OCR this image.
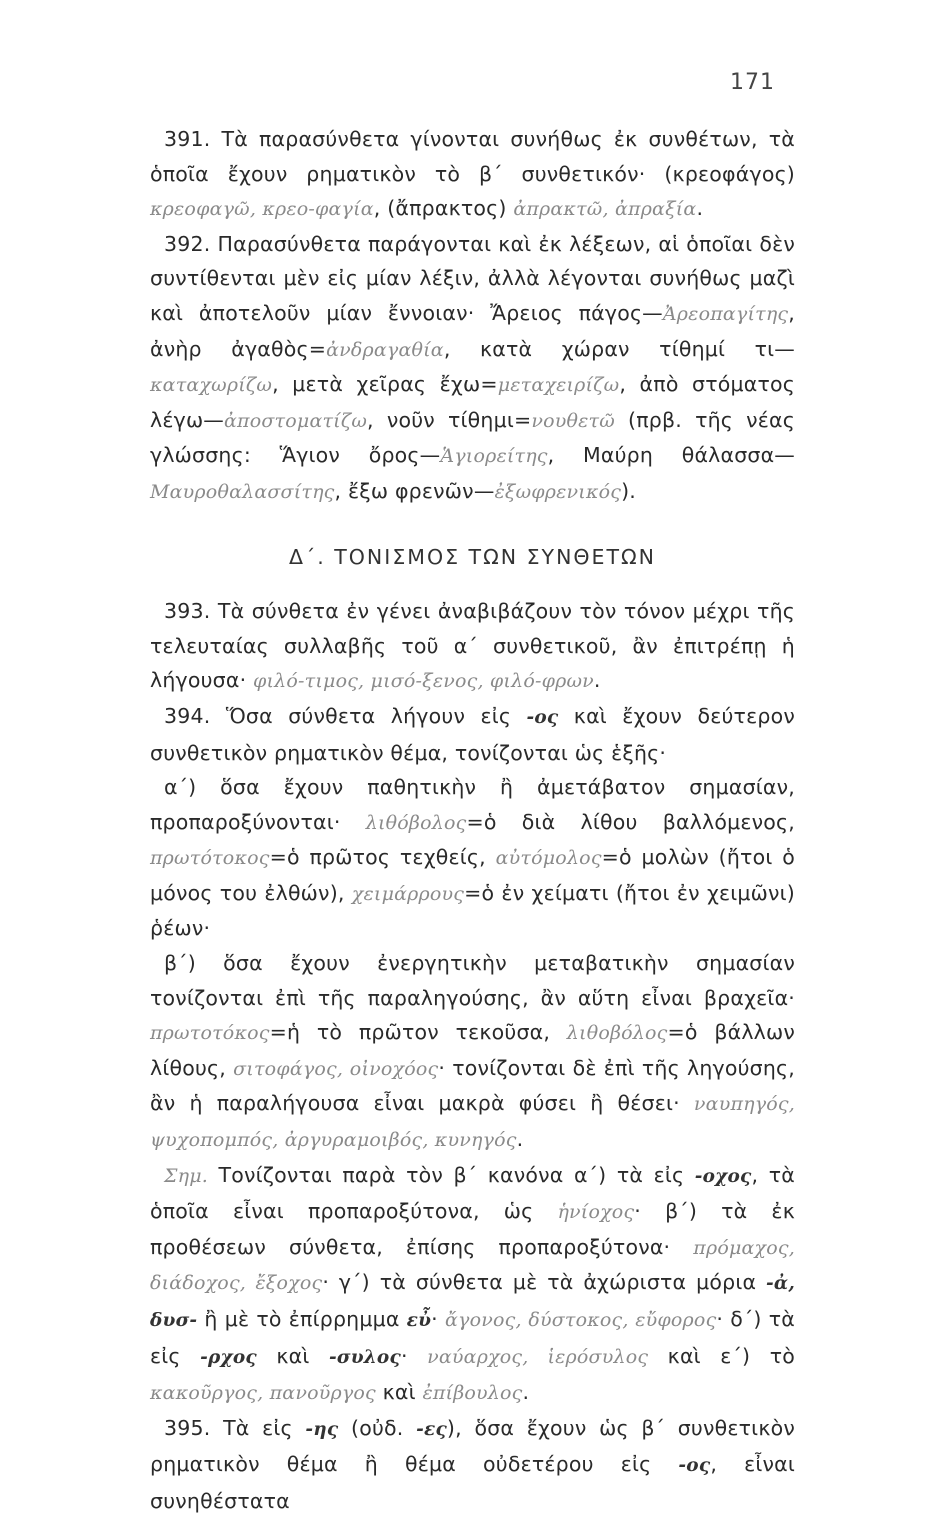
171

391. Τὰ παρασύνθετα γίνονται συνήθως ἐκ συνθέτων, τὰ ὁποῖα ἔχουν ρηματικὸν τὸ β΄ συνθετικόν· (κρεοφάγος) κρεοφαγῶ, κρεο-φαγία, (ἄπρακτος) ἀπρακτῶ, ἀπραξία.

392. Παρασύνθετα παράγονται καὶ ἐκ λέξεων, αἱ ὁποῖαι δὲν συντίθενται μὲν εἰς μίαν λέξιν, ἀλλὰ λέγονται συνήθως μαζὶ καὶ ἀποτελοῦν μίαν ἔννοιαν· Ἄρειος πάγος—Ἀρεοπαγίτης, ἀνὴρ ἀγαθὸς=ἀνδραγαθία, κατὰ χώραν τίθημί τι—καταχωρίζω, μετὰ χεῖρας ἔχω=μεταχειρίζω, ἀπὸ στόματος λέγω—ἀποστοματίζω, νοῦν τίθημι=νουθετῶ (πρβ. τῆς νέας γλώσσης: Ἅγιον ὄρος—Ἁγιορείτης, Μαύρη θάλασσα—Μαυροθαλασσίτης, ἔξω φρενῶν—ἐξωφρενικός).

Δ΄. ΤΟΝΙΣΜΟΣ ΤΩΝ ΣΥΝΘΕΤΩΝ

393. Τὰ σύνθετα ἐν γένει ἀναβιβάζουν τὸν τόνον μέχρι τῆς τελευταίας συλλαβῆς τοῦ α΄ συνθετικοῦ, ἂν ἐπιτρέπῃ ἡ λήγουσα· φιλό-τιμος, μισό-ξενος, φιλό-φρων.

394. Ὅσα σύνθετα λήγουν εἰς -ος καὶ ἔχουν δεύτερον συνθετικὸν ρηματικὸν θέμα, τονίζονται ὡς ἑξῆς·

α΄) ὅσα ἔχουν παθητικὴν ἢ ἀμετάβατον σημασίαν, προπαροξύνονται· λιθόβολος=ὁ διὰ λίθου βαλλόμενος, πρωτότοκος=ὁ πρῶτος τεχθείς, αὐτόμολος=ὁ μολὼν (ἤτοι ὁ μόνος του ἐλθών), χειμάρρους=ὁ ἐν χείματι (ἤτοι ἐν χειμῶνι) ῥέων·

β΄) ὅσα ἔχουν ἐνεργητικὴν μεταβατικὴν σημασίαν τονίζονται ἐπὶ τῆς παραληγούσης, ἂν αὕτη εἶναι βραχεῖα· πρωτοτόκος=ἡ τὸ πρῶτον τεκοῦσα, λιθοβόλος=ὁ βάλλων λίθους, σιτοφάγος, οἰνοχόος· τονίζονται δὲ ἐπὶ τῆς ληγούσης, ἂν ἡ παραλήγουσα εἶναι μακρὰ φύσει ἢ θέσει· ναυπηγός, ψυχοπομπός, ἀργυραμοιβός, κυνηγός.

Σημ. Τονίζονται παρὰ τὸν β΄ κανόνα α΄) τὰ εἰς -οχος, τὰ ὁποῖα εἶναι προπαροξύτονα, ὡς ἡνίοχος· β΄) τὰ ἐκ προθέσεων σύνθετα, ἐπίσης προπαροξύτονα· πρόμαχος, διάδοχος, ἔξοχος· γ΄) τὰ σύνθετα μὲ τὰ ἀχώριστα μόρια -ἀ, δυσ- ἢ μὲ τὸ ἐπίρρημμα εὖ· ἄγονος, δύστοκος, εὔφορος· δ΄) τὰ εἰς -ρχος καὶ -συλος· ναύαρχος, ἱερόσυλος καὶ ε΄) τὸ κακοῦργος, πανοῦργος καὶ ἐπίβουλος.

395. Τὰ εἰς -ης (οὐδ. -ες), ὅσα ἔχουν ὡς β΄ συνθετικὸν ρηματικὸν θέμα ἢ θέμα οὐδετέρου εἰς -ος, εἶναι συνηθέστατα
